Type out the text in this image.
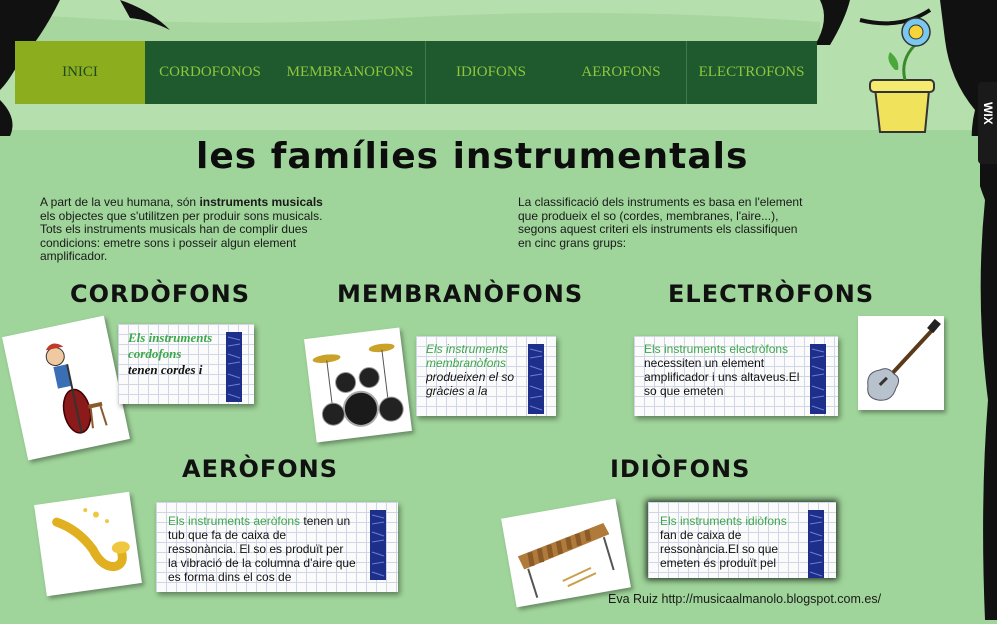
INICI	CORDOFONOS	MEMBRANOFONS	IDIOFONS	AEROFONS	ELECTROFONS
les famílies instrumentals
A part de la veu humana, són instruments musicals els objectes que s'utilitzen per produir sons musicals. Tots els instruments musicals han de complir dues condicions: emetre sons i posseir algun element amplificador.
La classificació dels instruments es basa en l'element que produeix el so (cordes, membranes, l'aire...), segons aquest criteri els instruments els classifiquen en cinc grans grups:
CORDÒFONS	MEMBRANÒFONS	ELECTRÒFONS
AERÒFONS	IDIÒFONS
Els instruments cordofons tenen cordes i
Els instruments membranòfons produeixen el so gràcies a la
Els instruments electròfons necessiten un element amplificador i uns altaveus.El so que emeten
Els instruments aeròfons tenen un tub que fa de caixa de ressonància. El so es produït per la vibració de la columna d'aire que es forma dins el cos de
Els instruments idiòfons fan de caixa de ressonància.El so que emeten és produït pel
Eva Ruiz http://musicaalmanolo.blogspot.com.es/
WIX
